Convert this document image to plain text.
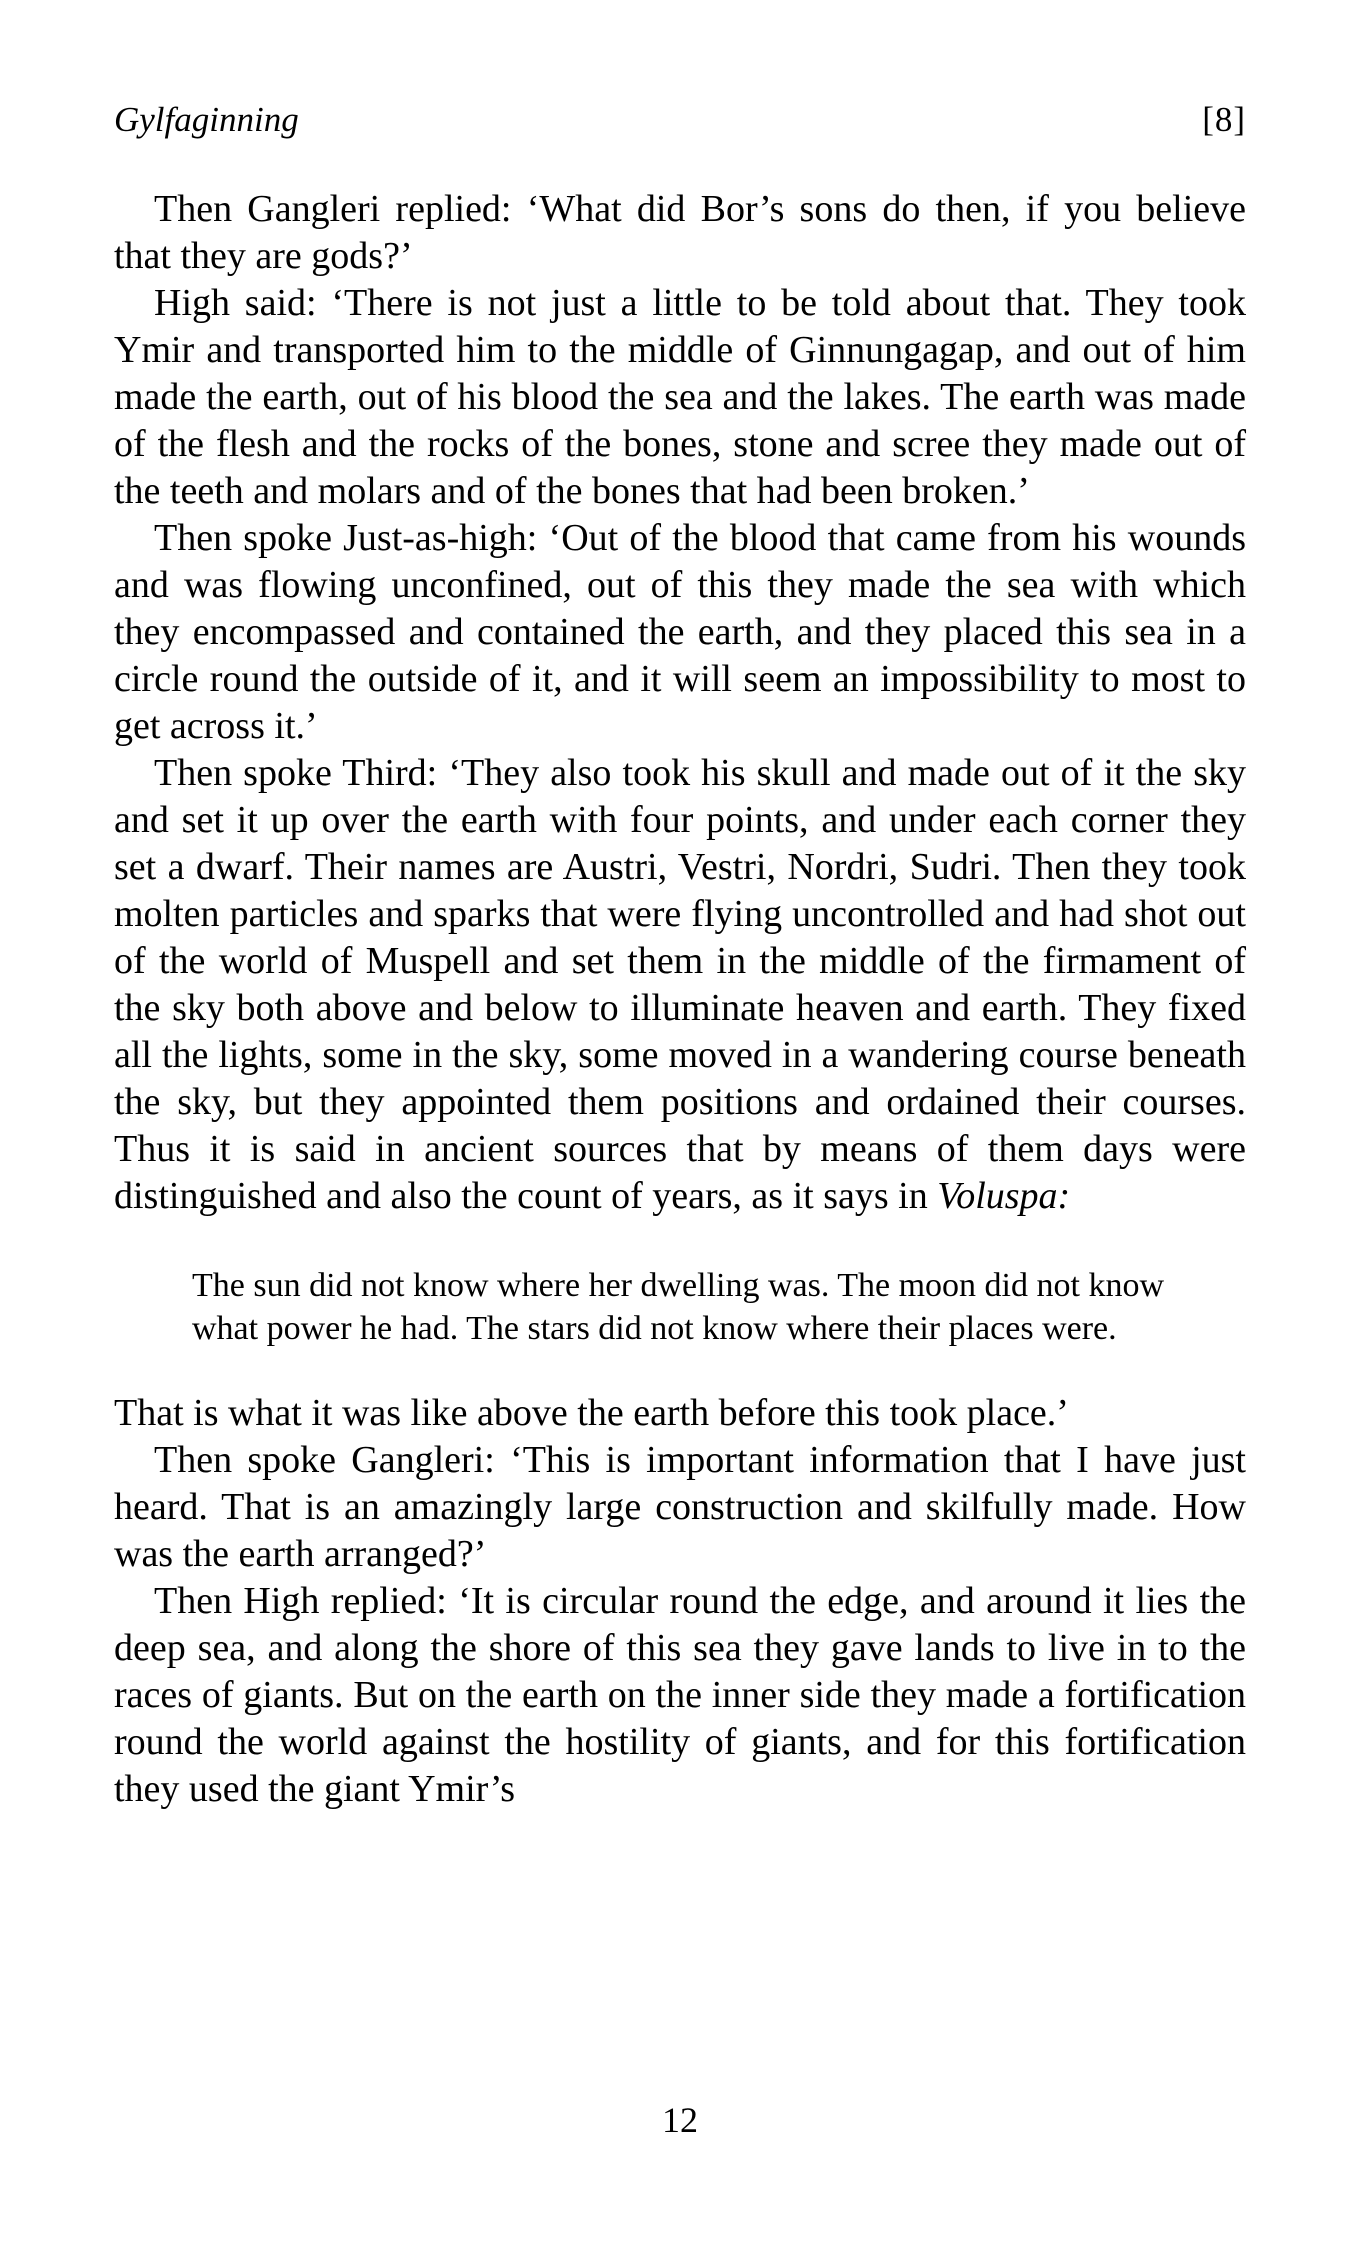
Gylfaginning	[8]

Then Gangleri replied: ‘What did Bor’s sons do then, if you believe that they are gods?’

High said: ‘There is not just a little to be told about that. They took Ymir and transported him to the middle of Ginnungagap, and out of him made the earth, out of his blood the sea and the lakes. The earth was made of the flesh and the rocks of the bones, stone and scree they made out of the teeth and molars and of the bones that had been broken.’

Then spoke Just-as-high: ‘Out of the blood that came from his wounds and was flowing unconfined, out of this they made the sea with which they encompassed and contained the earth, and they placed this sea in a circle round the outside of it, and it will seem an impossibility to most to get across it.’

Then spoke Third: ‘They also took his skull and made out of it the sky and set it up over the earth with four points, and under each corner they set a dwarf. Their names are Austri, Vestri, Nordri, Sudri. Then they took molten particles and sparks that were flying uncontrolled and had shot out of the world of Muspell and set them in the middle of the firmament of the sky both above and below to illuminate heaven and earth. They fixed all the lights, some in the sky, some moved in a wandering course beneath the sky, but they appointed them positions and ordained their courses. Thus it is said in ancient sources that by means of them days were distinguished and also the count of years, as it says in Voluspa:

The sun did not know where her dwelling was. The moon did not know what power he had. The stars did not know where their places were.

That is what it was like above the earth before this took place.’

Then spoke Gangleri: ‘This is important information that I have just heard. That is an amazingly large construction and skilfully made. How was the earth arranged?’

Then High replied: ‘It is circular round the edge, and around it lies the deep sea, and along the shore of this sea they gave lands to live in to the races of giants. But on the earth on the inner side they made a fortification round the world against the hostility of giants, and for this fortification they used the giant Ymir’s

12
